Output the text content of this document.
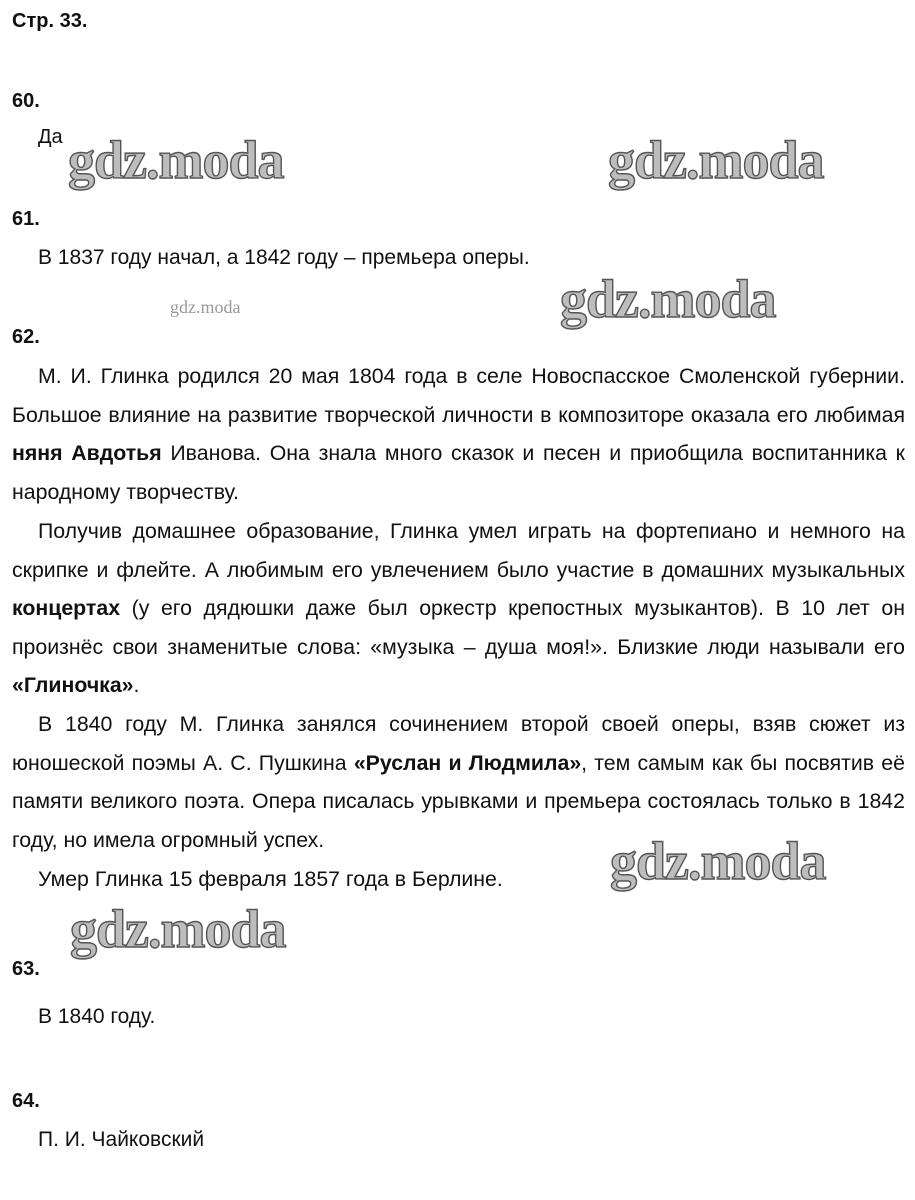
Стр. 33.
60.
Да
61.
В 1837 году начал, а 1842 году – премьера оперы.
62.

М. И. Глинка родился 20 мая 1804 года в селе Новоспасское Смоленской губернии. Большое влияние на развитие творческой личности в композиторе оказала его любимая няня Авдотья Иванова. Она знала много сказок и песен и приобщила воспитанника к народному творчеству.

Получив домашнее образование, Глинка умел играть на фортепиано и немного на скрипке и флейте. А любимым его увлечением было участие в домашних музыкальных концертах (у его дядюшки даже был оркестр крепостных музыкантов). В 10 лет он произнёс свои знаменитые слова: «музыка – душа моя!». Близкие люди называли его «Глиночка».

В 1840 году М. Глинка занялся сочинением второй своей оперы, взяв сюжет из юношеской поэмы А. С. Пушкина «Руслан и Людмила», тем самым как бы посвятив её памяти великого поэта. Опера писалась урывками и премьера состоялась только в 1842 году, но имела огромный успех.

Умер Глинка 15 февраля 1857 года в Берлине.

63.
В 1840 году.
64.
П. И. Чайковский
gdz.moda	gdz.moda
gdz.moda	gdz.moda
gdz.moda
gdz.moda
